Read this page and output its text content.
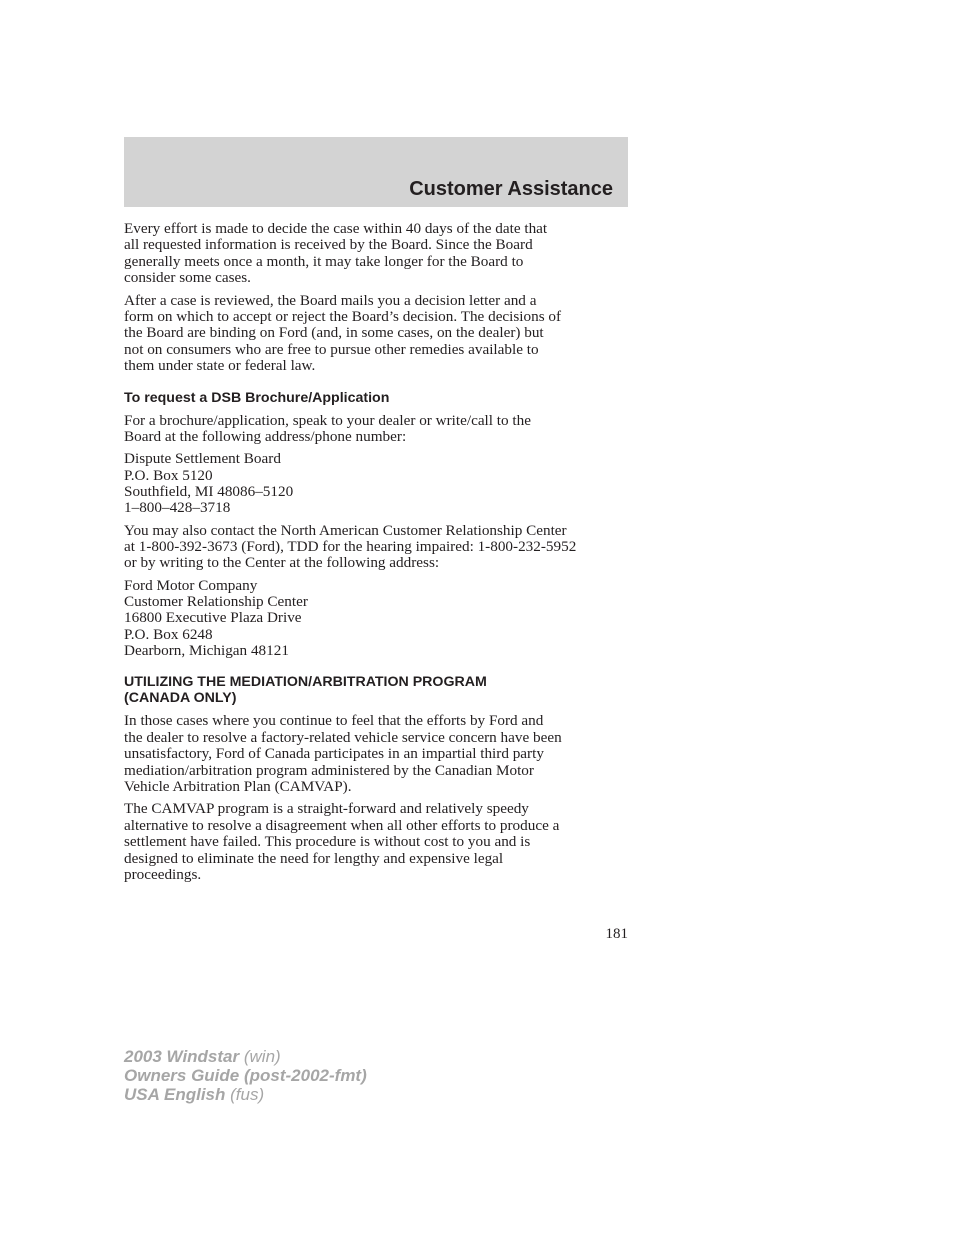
Customer Assistance

Every effort is made to decide the case within 40 days of the date that
all requested information is received by the Board. Since the Board
generally meets once a month, it may take longer for the Board to
consider some cases.

After a case is reviewed, the Board mails you a decision letter and a
form on which to accept or reject the Board’s decision. The decisions of
the Board are binding on Ford (and, in some cases, on the dealer) but
not on consumers who are free to pursue other remedies available to
them under state or federal law.

To request a DSB Brochure/Application

For a brochure/application, speak to your dealer or write/call to the
Board at the following address/phone number:

Dispute Settlement Board
P.O. Box 5120
Southfield, MI 48086–5120
1–800–428–3718

You may also contact the North American Customer Relationship Center
at 1-800-392-3673 (Ford), TDD for the hearing impaired: 1-800-232-5952
or by writing to the Center at the following address:

Ford Motor Company
Customer Relationship Center
16800 Executive Plaza Drive
P.O. Box 6248
Dearborn, Michigan 48121
UTILIZING THE MEDIATION/ARBITRATION PROGRAM
(CANADA ONLY)

In those cases where you continue to feel that the efforts by Ford and
the dealer to resolve a factory-related vehicle service concern have been
unsatisfactory, Ford of Canada participates in an impartial third party
mediation/arbitration program administered by the Canadian Motor
Vehicle Arbitration Plan (CAMVAP).

The CAMVAP program is a straight-forward and relatively speedy
alternative to resolve a disagreement when all other efforts to produce a
settlement have failed. This procedure is without cost to you and is
designed to eliminate the need for lengthy and expensive legal
proceedings.

181
2003 Windstar (win)
Owners Guide (post-2002-fmt)
USA English (fus)
